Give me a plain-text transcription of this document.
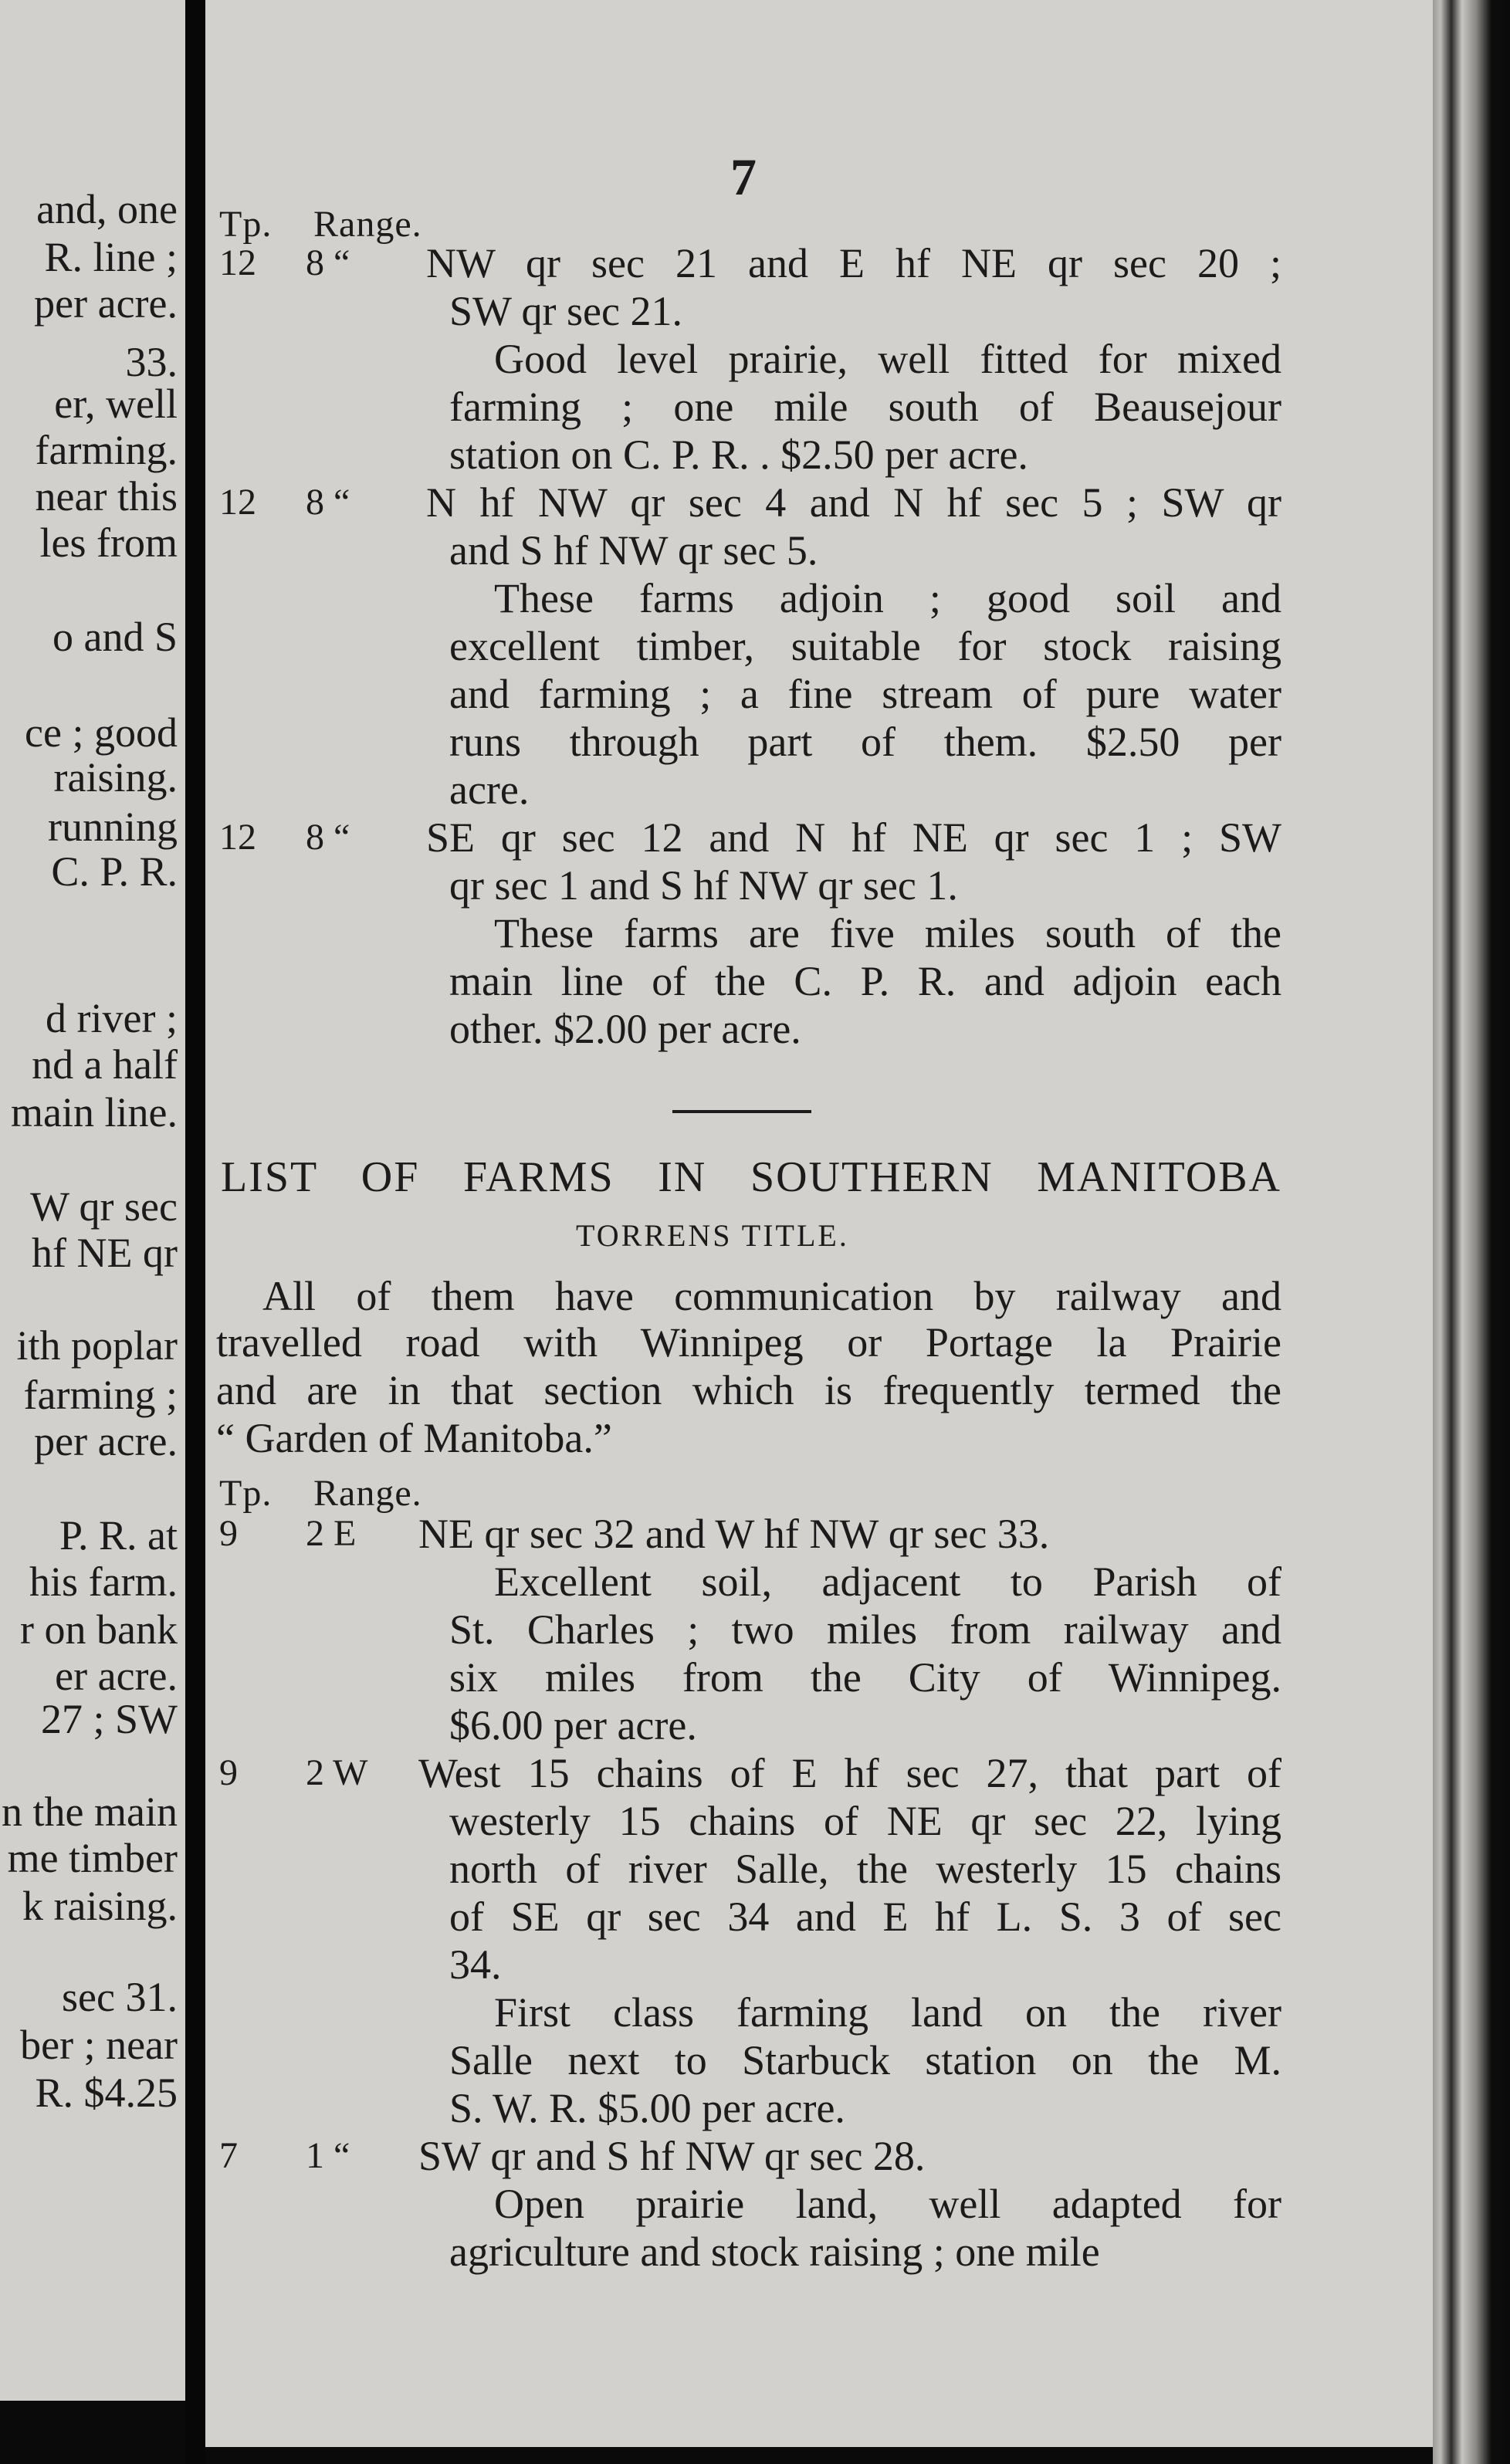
and, one
R. line ;
per acre.
33.
er, well
farming.
near this
les from
o and S
ce ; good
raising.
running
C. P. R.
d river ;
nd a half
main line.
W qr sec
hf NE qr
ith poplar
farming ;
per acre.
P. R. at
his farm.
r on bank
er acre.
27 ; SW
n the main
me timber
k raising.
sec 31.
ber ; near
R. $4.25
7
Tp. Range.
12 8 “ NW qr sec 21 and E hf NE qr sec 20 ;
SW qr sec 21.
Good level prairie, well fitted for mixed
farming ; one mile south of Beausejour
station on C. P. R. . $2.50 per acre.
12 8 “ N hf NW qr sec 4 and N hf sec 5 ; SW qr
and S hf NW qr sec 5.
These farms adjoin ; good soil and
excellent timber, suitable for stock raising
and farming ; a fine stream of pure water
runs through part of them. $2.50 per
acre.
12 8 “ SE qr sec 12 and N hf NE qr sec 1 ; SW
qr sec 1 and S hf NW qr sec 1.
These farms are five miles south of the
main line of the C. P. R. and adjoin each
other. $2.00 per acre.
LIST OF FARMS IN SOUTHERN MANITOBA
TORRENS TITLE.
All of them have communication by railway and
travelled road with Winnipeg or Portage la Prairie
and are in that section which is frequently termed the
“ Garden of Manitoba.”
Tp. Range.
9 2 E NE qr sec 32 and W hf NW qr sec 33.
Excellent soil, adjacent to Parish of
St. Charles ; two miles from railway and
six miles from the City of Winnipeg.
$6.00 per acre.
9 2 W West 15 chains of E hf sec 27, that part of
westerly 15 chains of NE qr sec 22, lying
north of river Salle, the westerly 15 chains
of SE qr sec 34 and E hf L. S. 3 of sec
34.
First class farming land on the river
Salle next to Starbuck station on the M.
S. W. R. $5.00 per acre.
7 1 “ SW qr and S hf NW qr sec 28.
Open prairie land, well adapted for
agriculture and stock raising ; one mile
